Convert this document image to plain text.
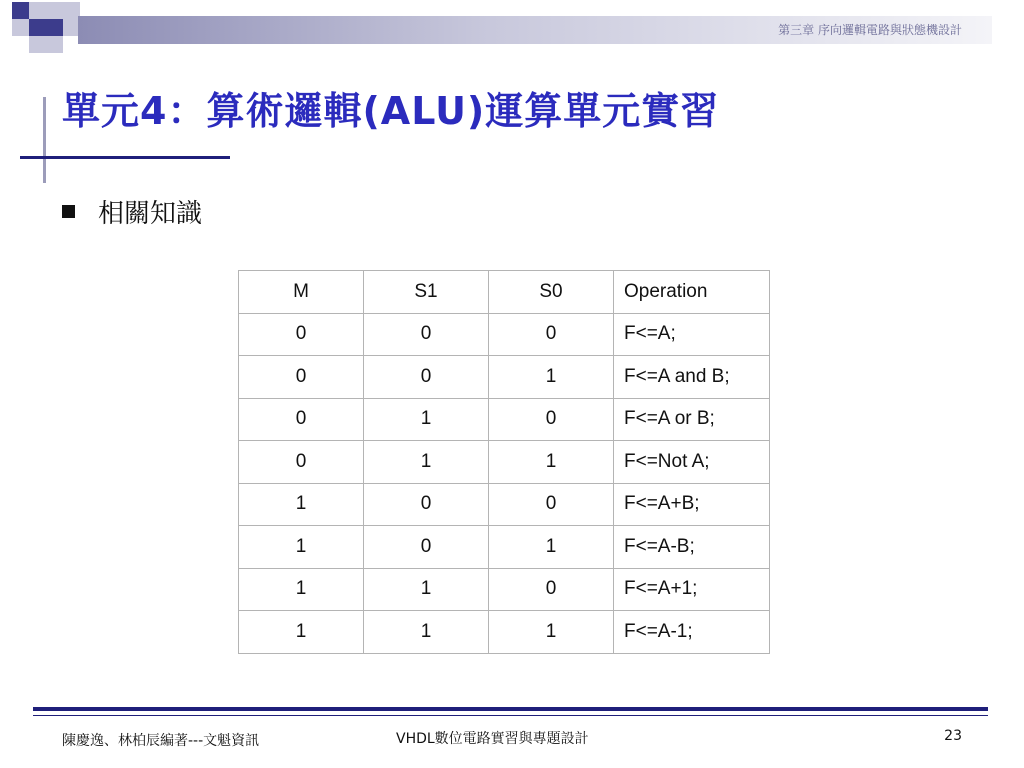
第三章 序向邏輯電路與狀態機設計
單元4：算術邏輯(ALU)運算單元實習
相關知識
M	S1	S0	Operation
0	0	0	F<=A;
0	0	1	F<=A and B;
0	1	0	F<=A or B;
0	1	1	F<=Not A;
1	0	0	F<=A+B;
1	0	1	F<=A-B;
1	1	0	F<=A+1;
1	1	1	F<=A-1;
陳慶逸、林柏辰編著---文魁資訊	VHDL數位電路實習與專題設計	23
